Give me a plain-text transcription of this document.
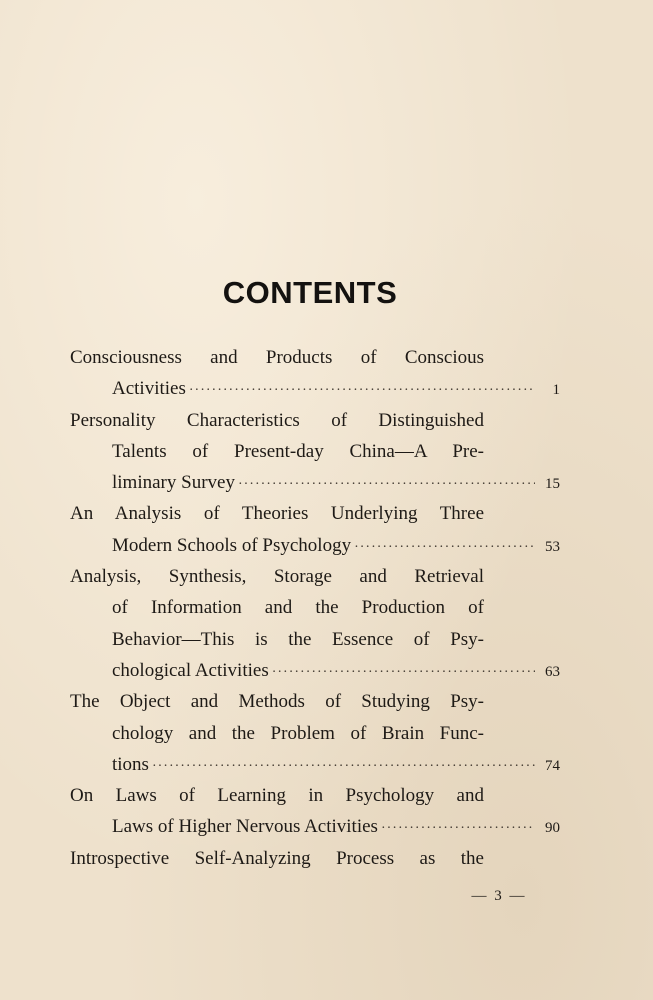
CONTENTS
Consciousness and Products of Conscious
Activities ·····	1
Personality Characteristics of Distinguished
Talents of Present-day China—A Pre-
liminary Survey ·····	15
An Analysis of Theories Underlying Three
Modern Schools of Psychology ·····	53
Analysis, Synthesis, Storage and Retrieval
of Information and the Production of
Behavior—This is the Essence of Psy-
chological Activities ·····	63
The Object and Methods of Studying Psy-
chology and the Problem of Brain Func-
tions ·····	74
On Laws of Learning in Psychology and
Laws of Higher Nervous Activities ·····	90
Introspective Self-Analyzing Process as the
— 3 —
